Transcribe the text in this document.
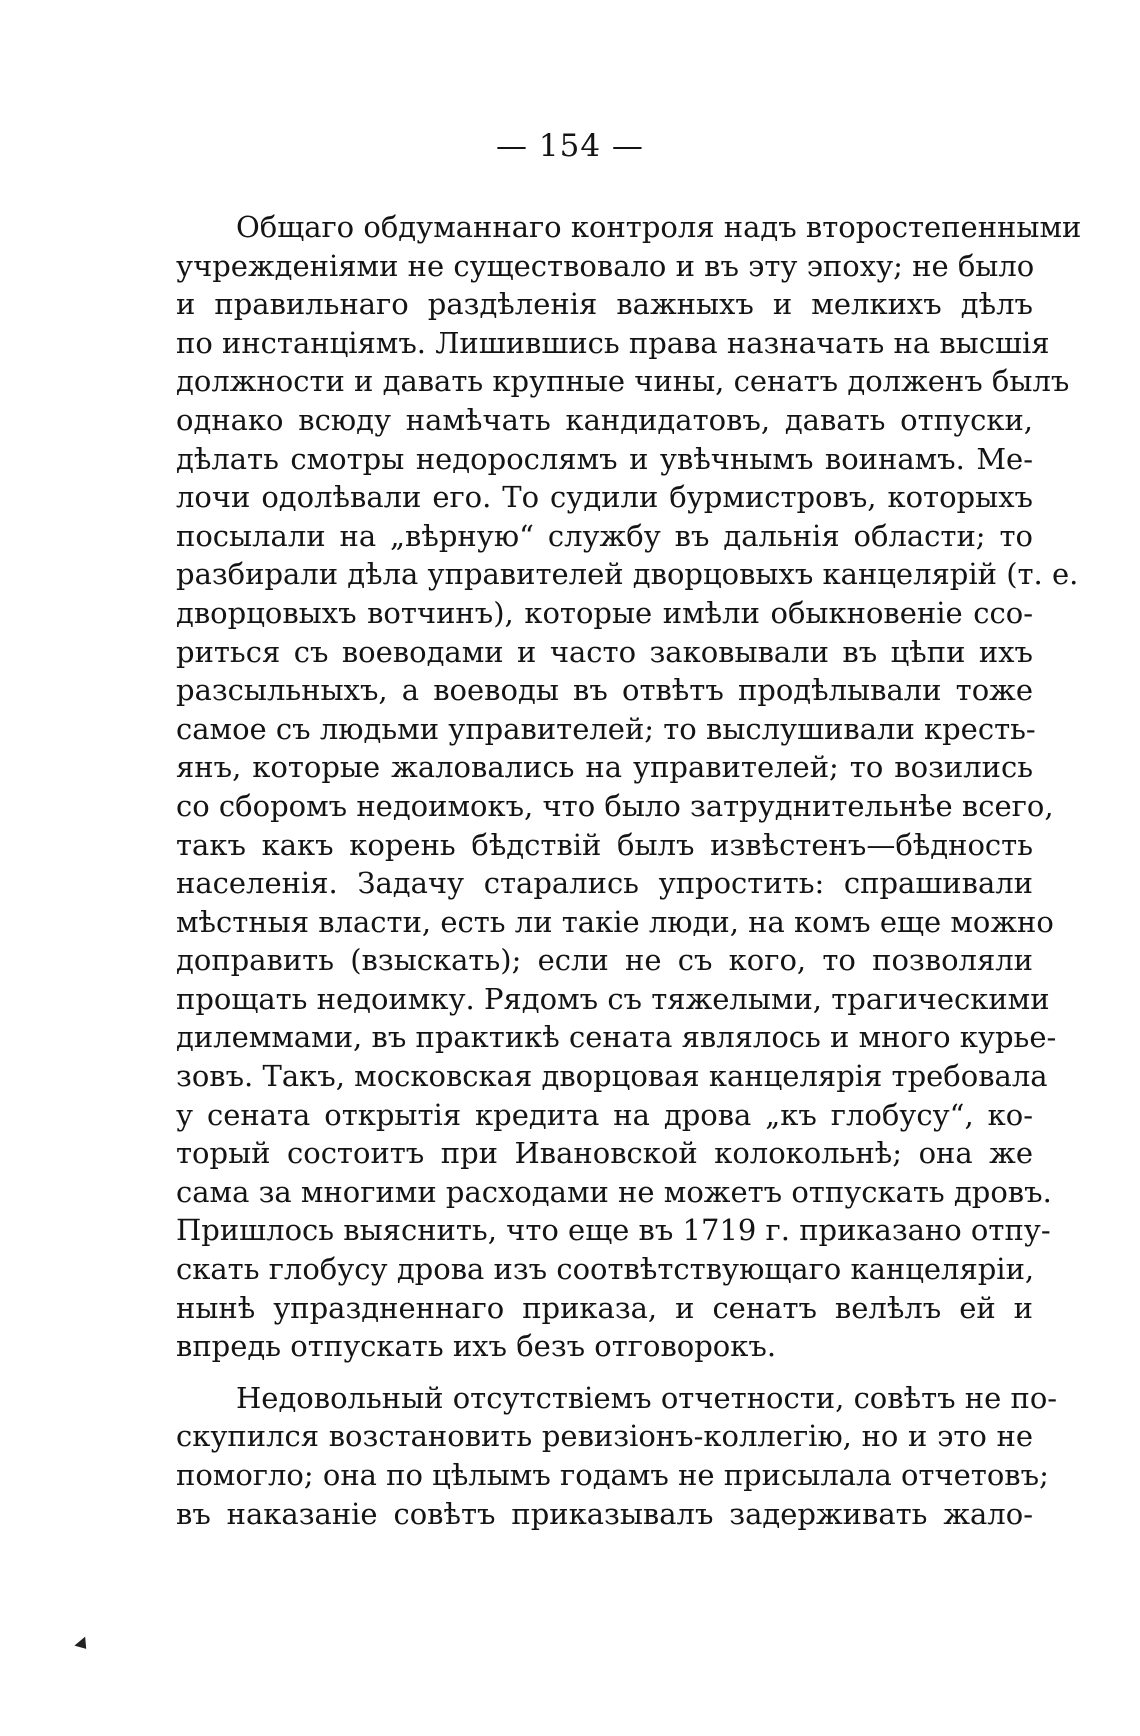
— 154 —
Общаго обдуманнаго контроля надъ второстепенными
учрежденіями не существовало и въ эту эпоху; не было
и правильнаго раздѣленія важныхъ и мелкихъ дѣлъ
по инстанціямъ. Лишившись права назначать на высшія
должности и давать крупные чины, сенатъ долженъ былъ
однако всюду намѣчать кандидатовъ, давать отпуски,
дѣлать смотры недорослямъ и увѣчнымъ воинамъ. Ме-
лочи одолѣвали его. То судили бурмистровъ, которыхъ
посылали на „вѣрную“ службу въ дальнія области; то
разбирали дѣла управителей дворцовыхъ канцелярій (т. е.
дворцовыхъ вотчинъ), которые имѣли обыкновеніе ссо-
риться съ воеводами и часто заковывали въ цѣпи ихъ
разсыльныхъ, а воеводы въ отвѣтъ продѣлывали тоже
самое съ людьми управителей; то выслушивали кресть-
янъ, которые жаловались на управителей; то возились
со сборомъ недоимокъ, что было затруднительнѣе всего,
такъ какъ корень бѣдствій былъ извѣстенъ—бѣдность
населенія. Задачу старались упростить: спрашивали
мѣстныя власти, есть ли такіе люди, на комъ еще можно
доправить (взыскать); если не съ кого, то позволяли
прощать недоимку. Рядомъ съ тяжелыми, трагическими
дилеммами, въ практикѣ сената являлось и много курье-
зовъ. Такъ, московская дворцовая канцелярія требовала
у сената открытія кредита на дрова „къ глобусу“, ко-
торый состоитъ при Ивановской колокольнѣ; она же
сама за многими расходами не можетъ отпускать дровъ.
Пришлось выяснить, что еще въ 1719 г. приказано отпу-
скать глобусу дрова изъ соотвѣтствующаго канцеляріи,
нынѣ упраздненнаго приказа, и сенатъ велѣлъ ей и
впредь отпускать ихъ безъ отговорокъ.
Недовольный отсутствіемъ отчетности, совѣтъ не по-
скупился возстановить ревизіонъ-коллегію, но и это не
помогло; она по цѣлымъ годамъ не присылала отчетовъ;
въ наказаніе совѣтъ приказывалъ задерживать жало-
